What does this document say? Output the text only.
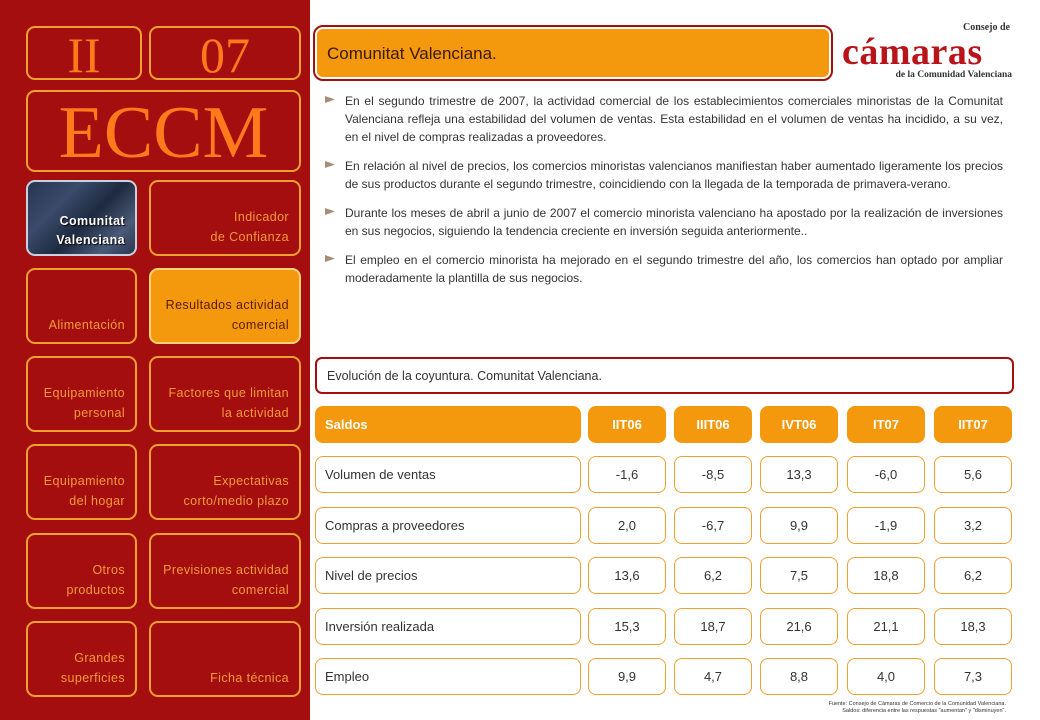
II	07
ECCM
Comunitat
Valenciana
Indicador
de Confianza
Alimentación
Resultados actividad
comercial
Equipamiento
personal
Factores que limitan
la actividad
Equipamiento
del hogar
Expectativas
corto/medio plazo
Otros
productos
Previsiones actividad
comercial
Grandes
superficies	Ficha técnica
Consejo de
cámaras
de la Comunidad Valenciana
Comunitat Valenciana.
En el segundo trimestre de 2007, la actividad comercial de los establecimientos comerciales minoristas de la Comunitat Valenciana refleja una estabilidad del volumen de ventas. Esta estabilidad en el volumen de ventas ha incidido, a su vez, en el nivel de compras realizadas a proveedores.
En relación al nivel de precios, los comercios minoristas valencianos manifiestan haber aumentado ligeramente los precios de sus productos durante el segundo trimestre, coincidiendo con la llegada de la temporada de primavera-verano.
Durante los meses de abril a junio de 2007 el comercio minorista valenciano ha apostado por la realización de inversiones en sus negocios, siguiendo la tendencia creciente en inversión seguida anteriormente..
El empleo en el comercio minorista ha mejorado en el segundo trimestre del año, los comercios han optado por ampliar moderadamente la plantilla de sus negocios.
Evolución de la coyuntura. Comunitat Valenciana.
Saldos	IIT06	IIIT06	IVT06	IT07	IIT07
Volumen de ventas	-1,6	-8,5	13,3	-6,0	5,6
Compras a proveedores	2,0	-6,7	9,9	-1,9	3,2
Nivel de precios	13,6	6,2	7,5	18,8	6,2
Inversión realizada	15,3	18,7	21,6	21,1	18,3
Empleo	9,9	4,7	8,8	4,0	7,3
Fuente: Consejo de Cámaras de Comercio de la Comunidad Valenciana.
Saldos: diferencia entre las respuestas "aumentan" y "disminuyen".
